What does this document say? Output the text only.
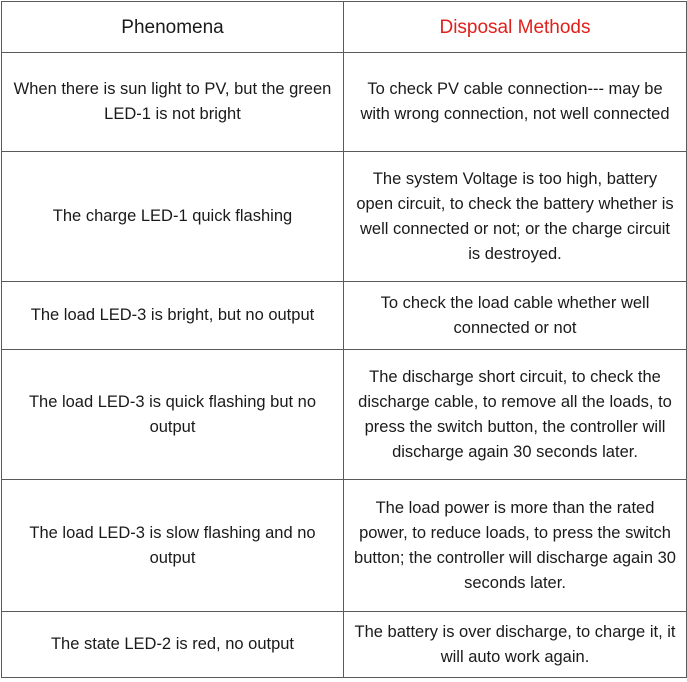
Phenomena	Disposal Methods
When there is sun light to PV, but the green LED-1 is not bright	To check PV cable connection--- may be with wrong connection, not well connected
The charge LED-1 quick flashing	The system Voltage is too high, battery open circuit, to check the battery whether is well connected or not; or the charge circuit is destroyed.
The load LED-3 is bright, but no output	To check the load cable whether well connected or not
The load LED-3 is quick flashing but no output	The discharge short circuit, to check the discharge cable, to remove all the loads, to press the switch button, the controller will discharge again 30 seconds later.
The load LED-3 is slow flashing and no output	The load power is more than the rated power, to reduce loads, to press the switch button; the controller will discharge again 30 seconds later.
The state LED-2 is red, no output	The battery is over discharge, to charge it, it will auto work again.
